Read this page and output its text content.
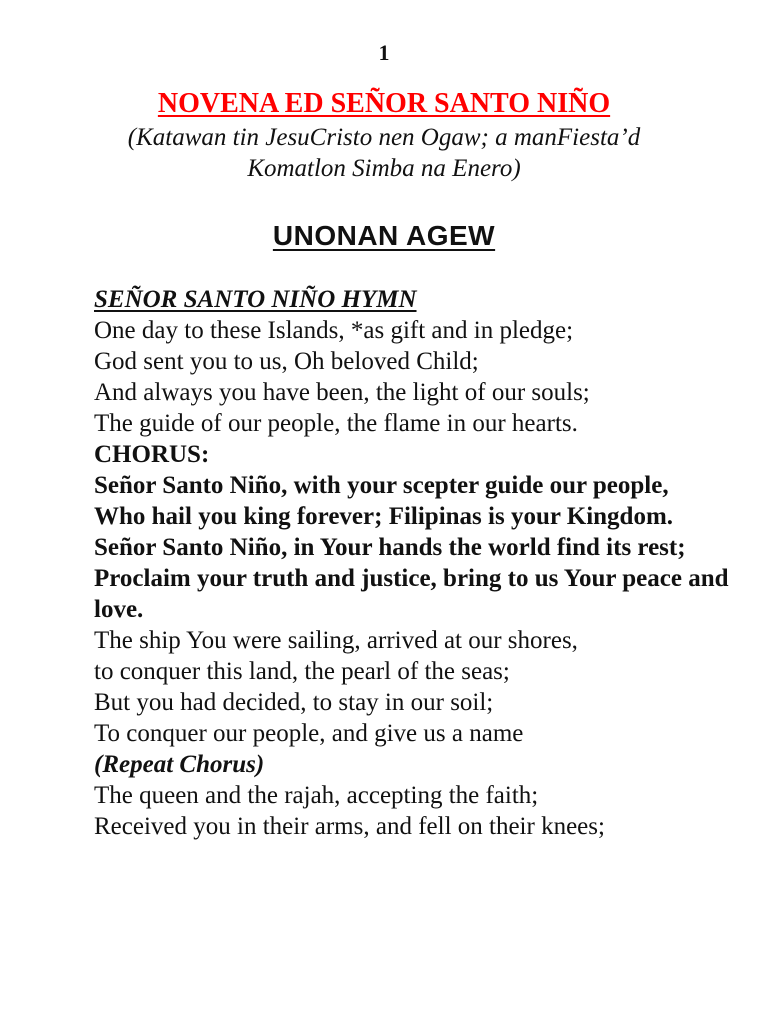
1
NOVENA ED SEÑOR SANTO NIÑO
(Katawan tin JesuCristo nen Ogaw; a manFiesta’d
Komatlon Simba na Enero)
UNONAN AGEW
SEÑOR SANTO NIÑO HYMN
One day to these Islands, *as gift and in pledge;
God sent you to us, Oh beloved Child;
And always you have been, the light of our souls;
The guide of our people, the flame in our hearts.
CHORUS:
Señor Santo Niño, with your scepter guide our people,
Who hail you king forever; Filipinas is your Kingdom.
Señor Santo Niño, in Your hands the world find its rest;
Proclaim your truth and justice, bring to us Your peace and love.
The ship You were sailing, arrived at our shores,
to conquer this land, the pearl of the seas;
But you had decided, to stay in our soil;
To conquer our people, and give us a name
(Repeat Chorus)
The queen and the rajah, accepting the faith;
Received you in their arms, and fell on their knees;
